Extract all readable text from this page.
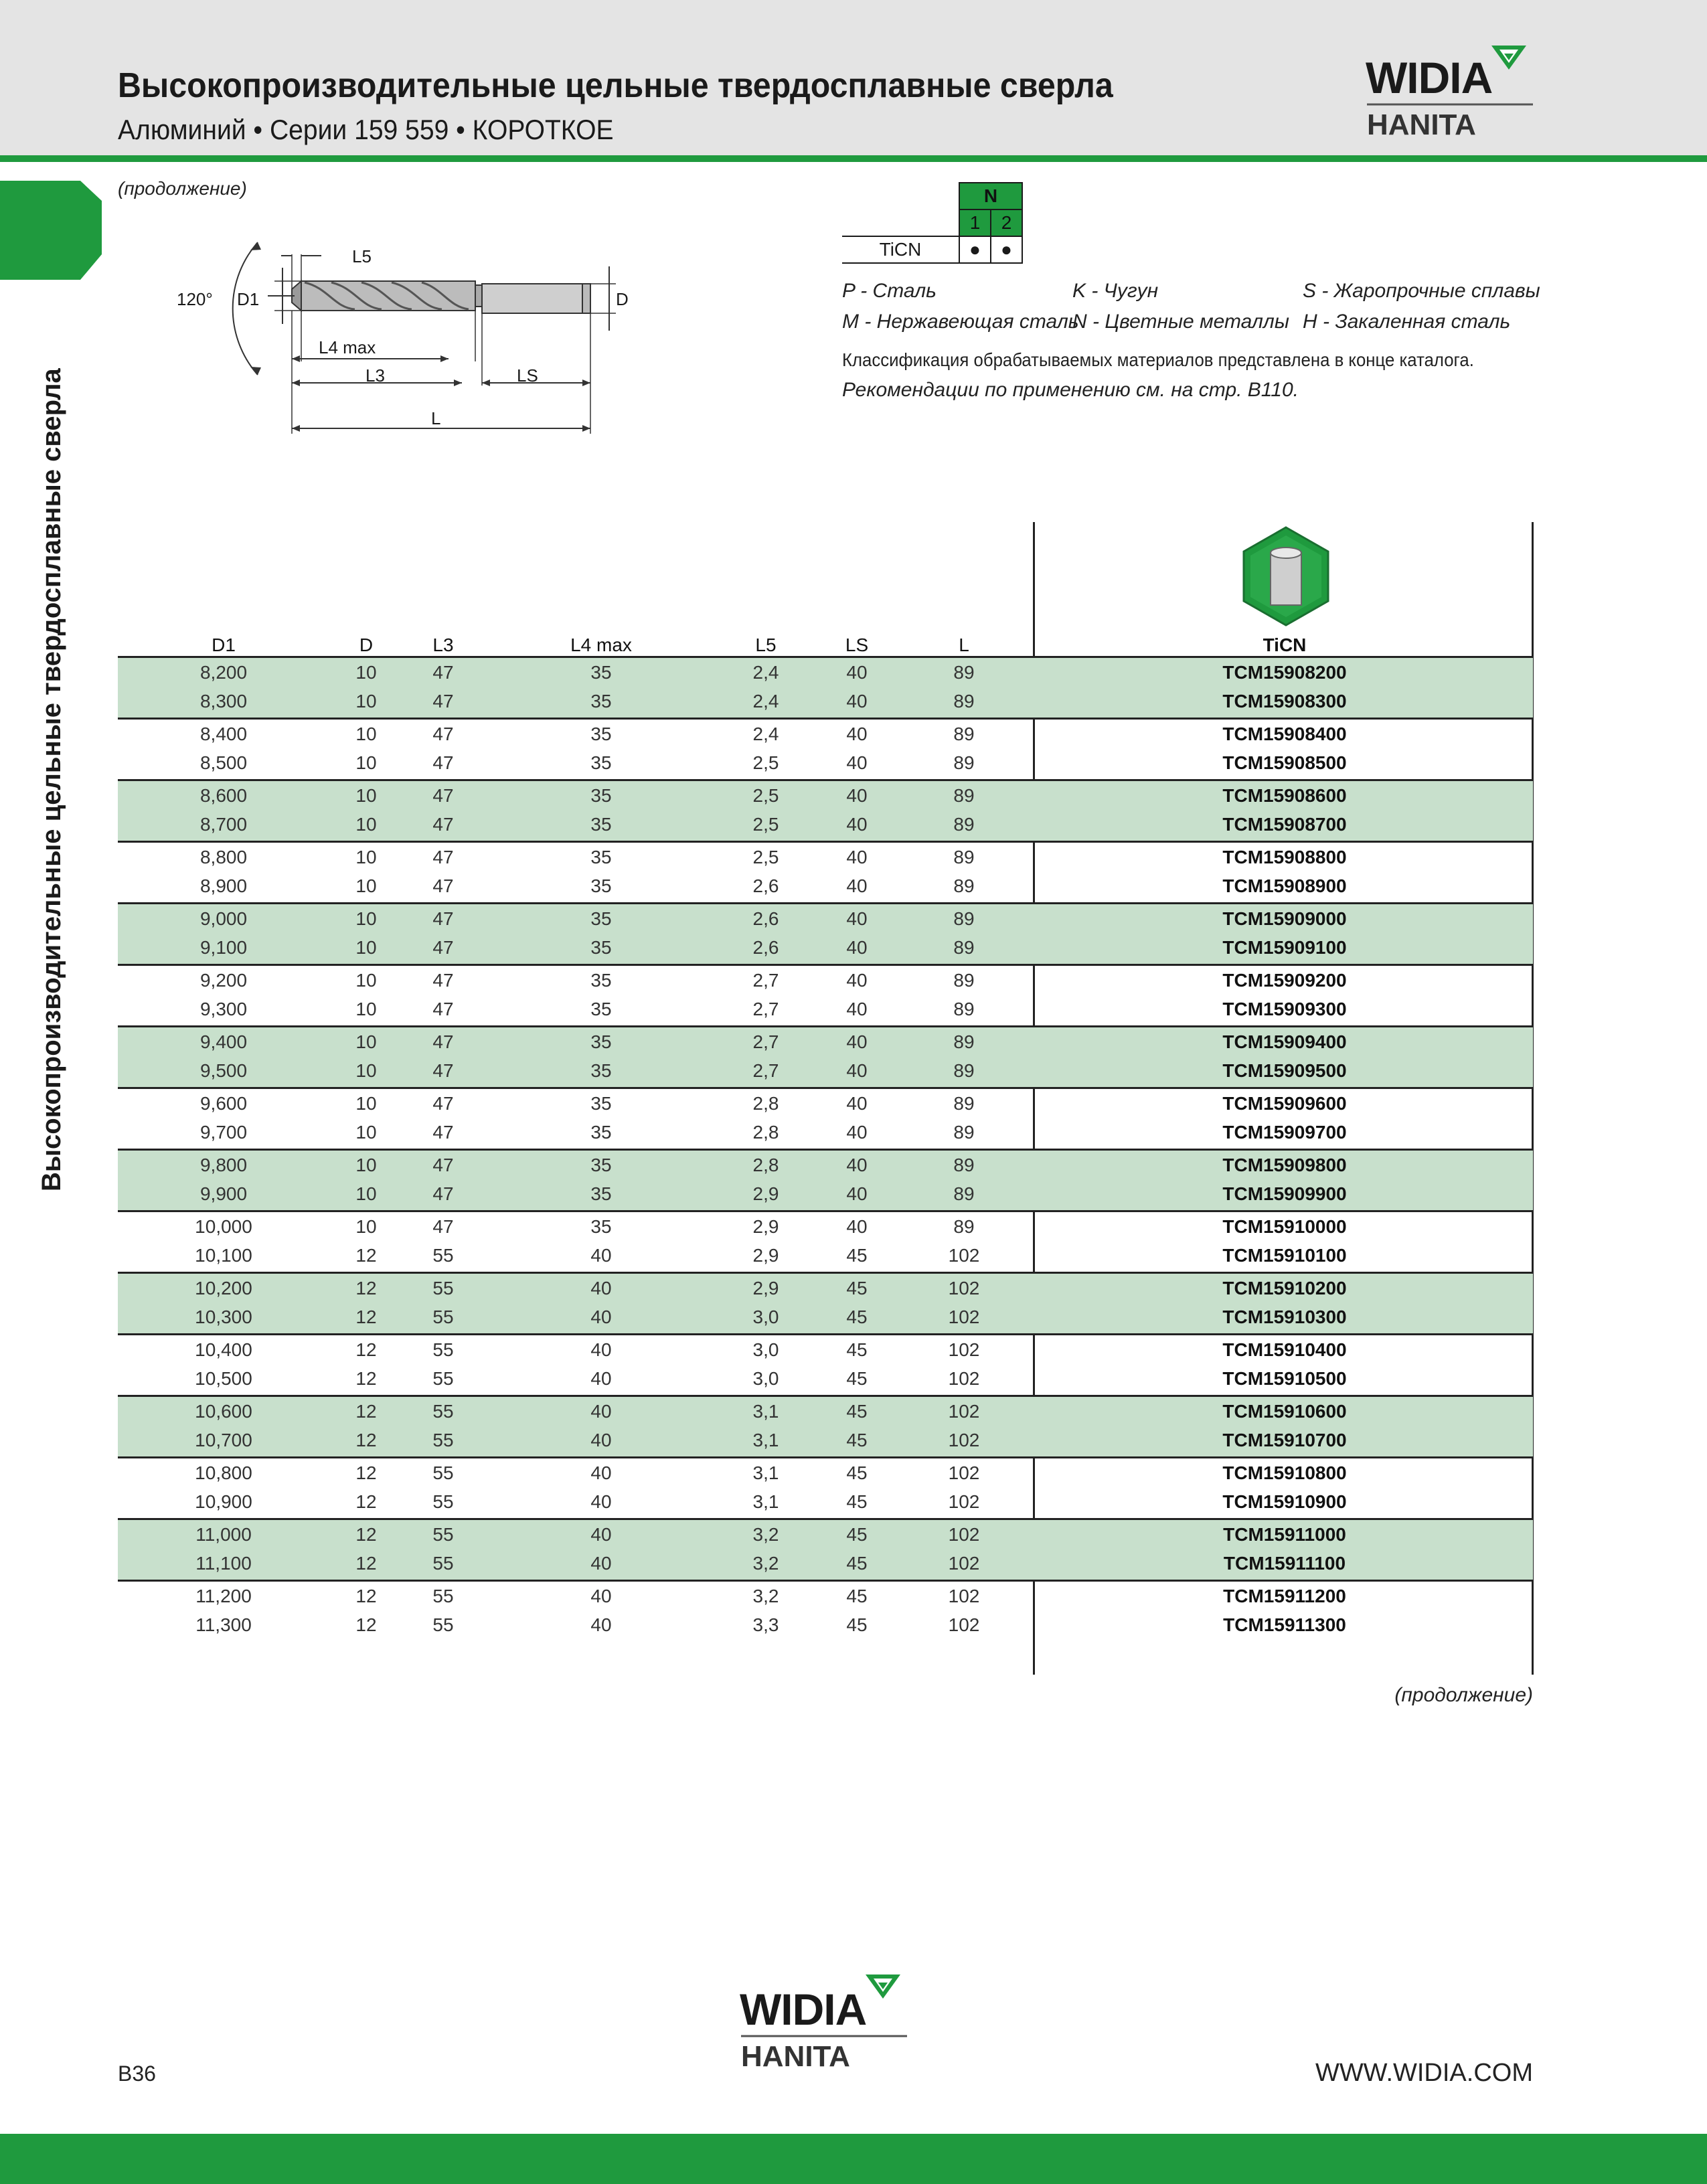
Высокопроизводительные цельные твердосплавные сверла
Алюминий • Серии 159 559 • КОРОТКОЕ
WIDIA
HANITA
Высокопроизводительные цельные твердосплавные сверла
(продолжение)
120° D1	D
L5
L4 max
L3	LS
L
	N	
	1	2
TiCN	●	●
P - Сталь	K - Чугун	S - Жаропрочные сплавы
M - Нержавеющая сталь
N - Цветные металлы H - Закаленная сталь
Классификация обрабатываемых материалов представлена в конце каталога.
Рекомендации по применению см. на стр. B110.
D1	D	L3	L4 max	L5	LS	L	TiCN
8,200	10	47	35	2,4	40	89	TCM15908200
8,300	10	47	35	2,4	40	89	TCM15908300
8,400	10	47	35	2,4	40	89	TCM15908400
8,500	10	47	35	2,5	40	89	TCM15908500
8,600	10	47	35	2,5	40	89	TCM15908600
8,700	10	47	35	2,5	40	89	TCM15908700
8,800	10	47	35	2,5	40	89	TCM15908800
8,900	10	47	35	2,6	40	89	TCM15908900
9,000	10	47	35	2,6	40	89	TCM15909000
9,100	10	47	35	2,6	40	89	TCM15909100
9,200	10	47	35	2,7	40	89	TCM15909200
9,300	10	47	35	2,7	40	89	TCM15909300
9,400	10	47	35	2,7	40	89	TCM15909400
9,500	10	47	35	2,7	40	89	TCM15909500
9,600	10	47	35	2,8	40	89	TCM15909600
9,700	10	47	35	2,8	40	89	TCM15909700
9,800	10	47	35	2,8	40	89	TCM15909800
9,900	10	47	35	2,9	40	89	TCM15909900
10,000	10	47	35	2,9	40	89	TCM15910000
10,100	12	55	40	2,9	45	102	TCM15910100
10,200	12	55	40	2,9	45	102	TCM15910200
10,300	12	55	40	3,0	45	102	TCM15910300
10,400	12	55	40	3,0	45	102	TCM15910400
10,500	12	55	40	3,0	45	102	TCM15910500
10,600	12	55	40	3,1	45	102	TCM15910600
10,700	12	55	40	3,1	45	102	TCM15910700
10,800	12	55	40	3,1	45	102	TCM15910800
10,900	12	55	40	3,1	45	102	TCM15910900
11,000	12	55	40	3,2	45	102	TCM15911000
11,100	12	55	40	3,2	45	102	TCM15911100
11,200	12	55	40	3,2	45	102	TCM15911200
11,300	12	55	40	3,3	45	102	TCM15911300
(продолжение)
WIDIA
HANITA
B36	WWW.WIDIA.COM
